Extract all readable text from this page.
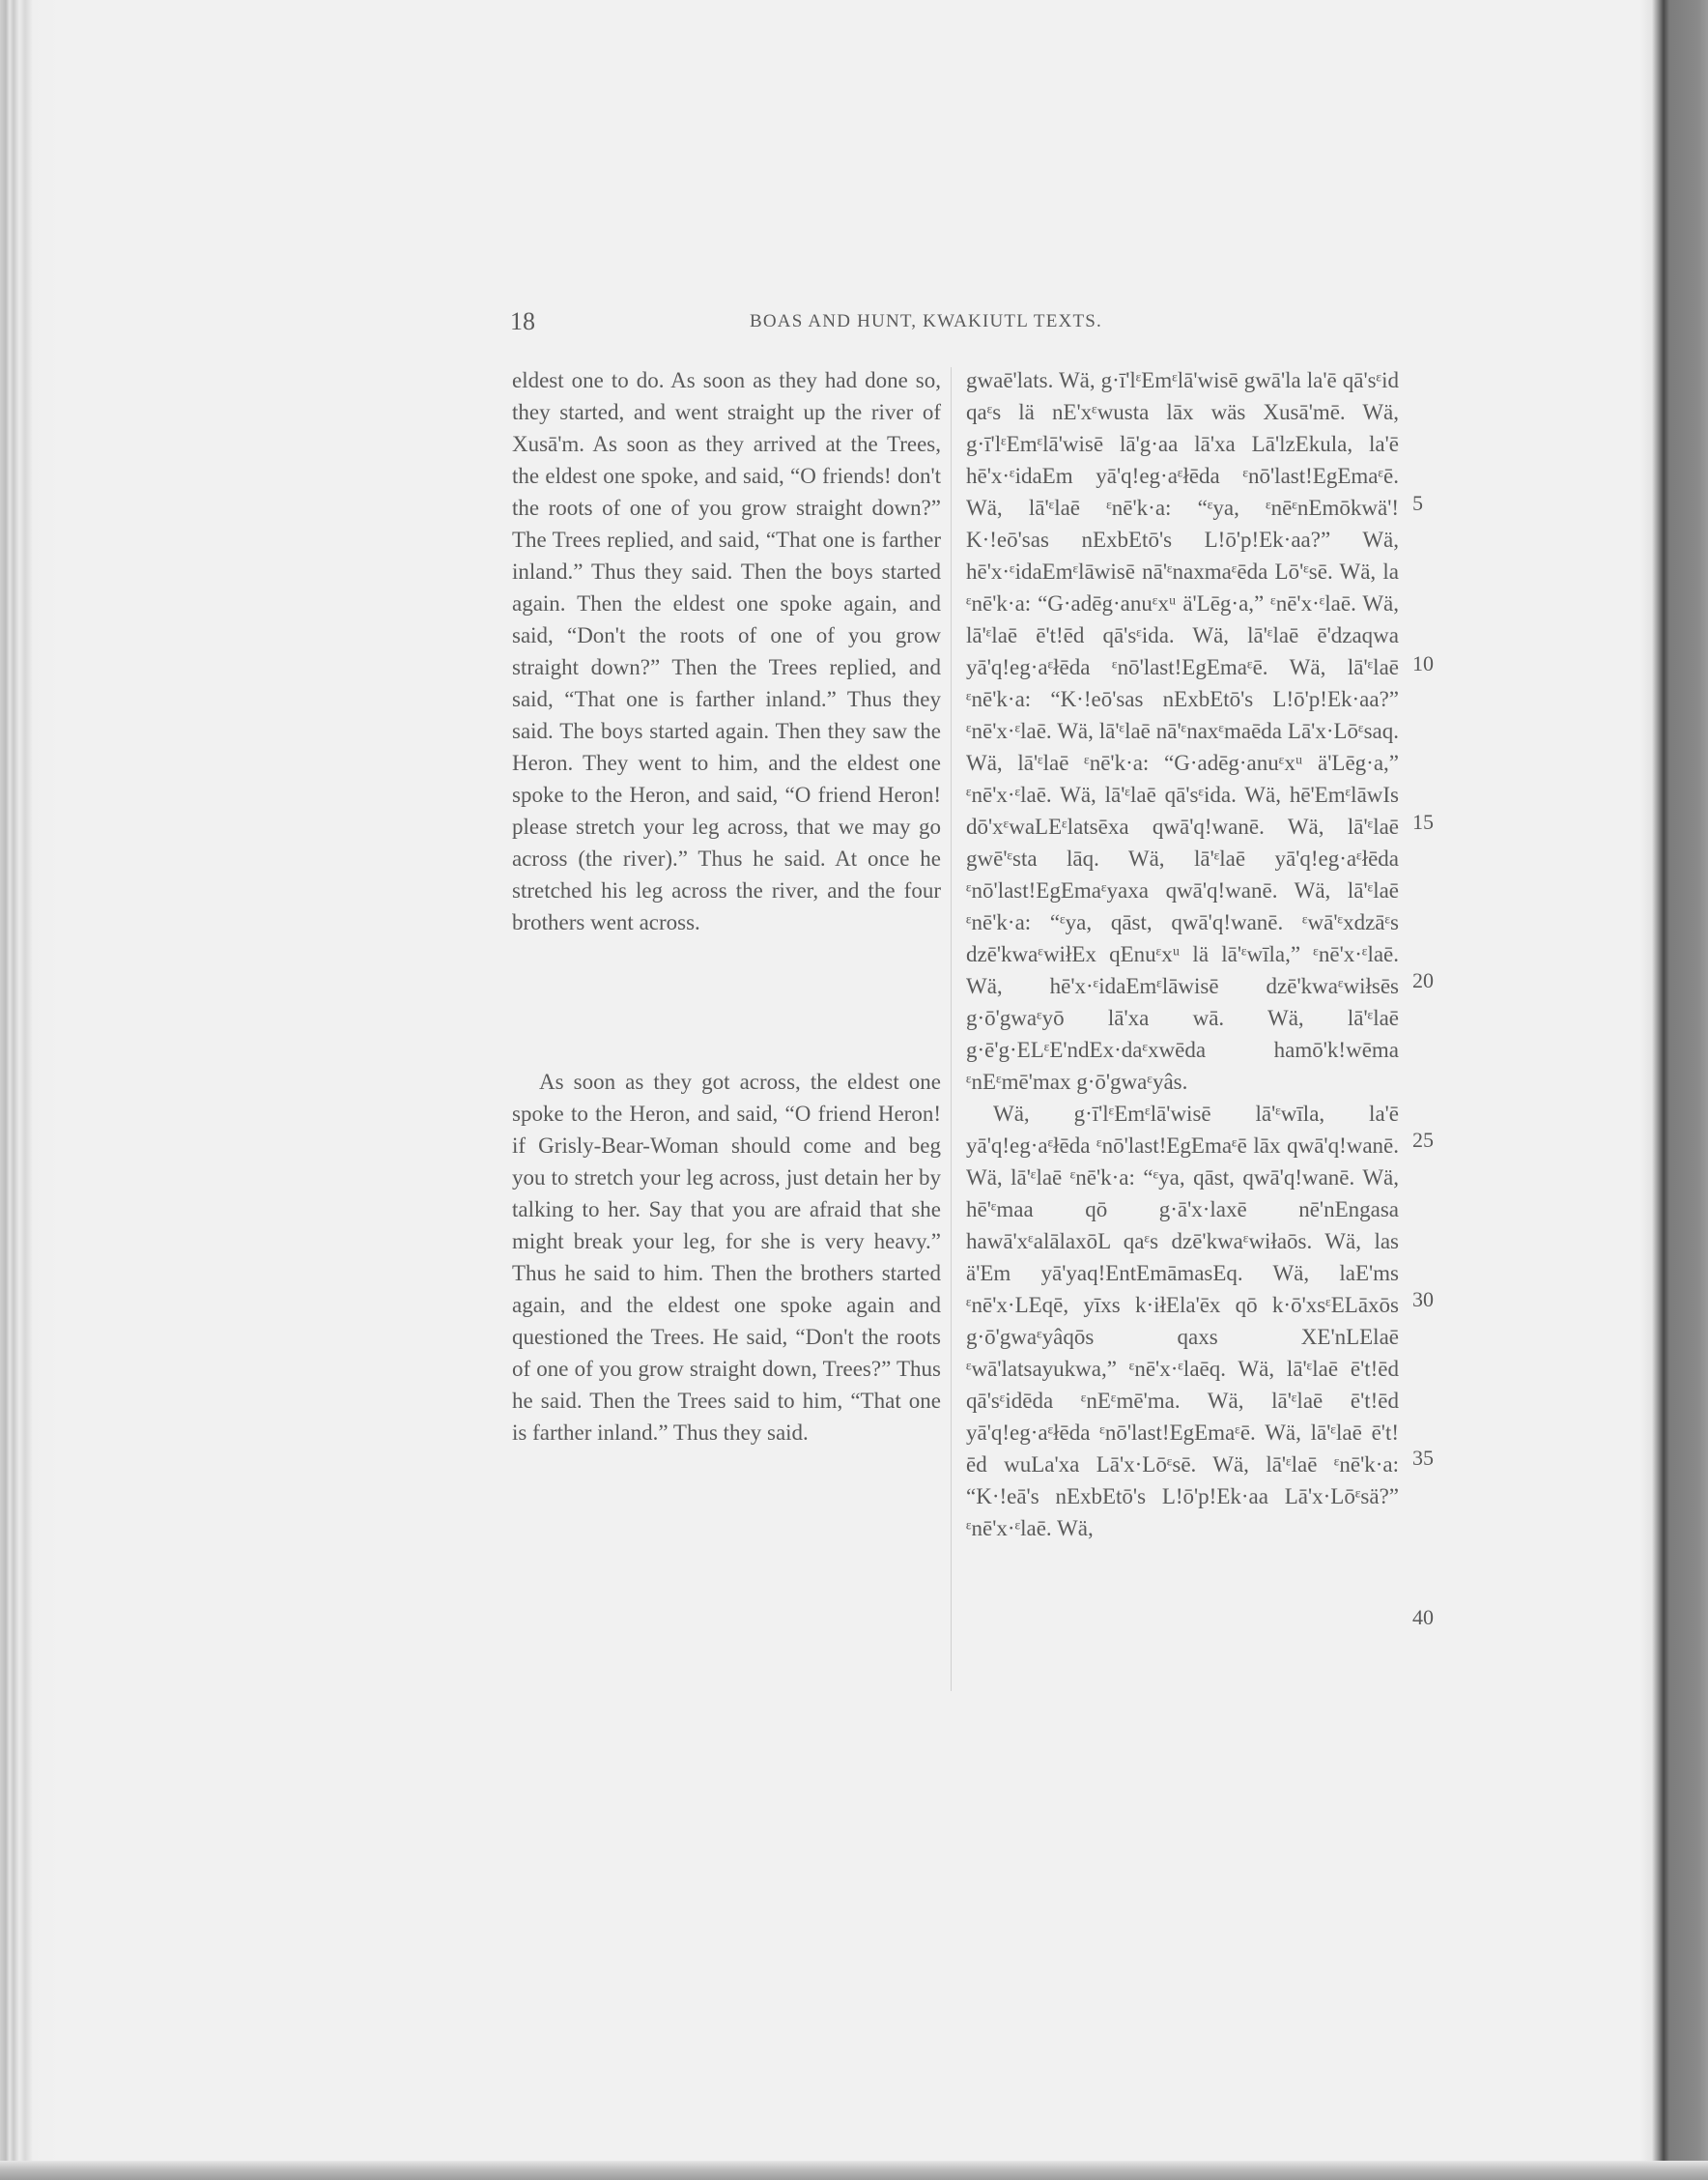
18	BOAS AND HUNT, KWAKIUTL TEXTS.

eldest one to do. As soon as they had done so, they started, and went straight up the river of Xusā'm. As soon as they arrived at the Trees, the eldest one spoke, and said, “O friends! don't the roots of one of you grow straight down?” The Trees replied, and said, “That one is farther inland.” Thus they said. Then the boys started again. Then the eldest one spoke again, and said, “Don't the roots of one of you grow straight down?” Then the Trees replied, and said, “That one is farther inland.” Thus they said. The boys started again. Then they saw the Heron. They went to him, and the eldest one spoke to the Heron, and said, “O friend Heron! please stretch your leg across, that we may go across (the river).” Thus he said. At once he stretched his leg across the river, and the four brothers went across.

As soon as they got across, the eldest one spoke to the Heron, and said, “O friend Heron! if Grisly-Bear-Woman should come and beg you to stretch your leg across, just detain her by talking to her. Say that you are afraid that she might break your leg, for she is very heavy.” Thus he said to him. Then the brothers started again, and the eldest one spoke again and questioned the Trees. He said, “Don't the roots of one of you grow straight down, Trees?” Thus he said. Then the Trees said to him, “That one is farther inland.” Thus they said.

gwaē'lats. Wä, g·ī'lᵋEmᵋlā'wisē gwā'la la'ē qā'sᵋid qaᵋs lä nE'xᵋwusta lāx wäs Xusā'mē. Wä, g·ī'lᵋEmᵋlā'wisē lā'g·aa lā'xa Lā'lzEkula, la'ē hē'x·ᵋidaEm yā'q!eg·aᵋłēda ᵋnō'last!EgEmaᵋē. Wä, lā'ᵋlaē ᵋnē'k·a: “ᵋya, ᵋnēᵋnEmōkwä'! K·!eō'sas nExbEtō's L!ō'p!Ek·aa?” Wä, hē'x·ᵋidaEmᵋlāwisē nā'ᵋnaxmaᵋēda Lō'ᵋsē. Wä, la ᵋnē'k·a: “G·adēg·anuᵋxᵘ ä'Lēg·a,” ᵋnē'x·ᵋlaē. Wä, lā'ᵋlaē ē't!ēd qā'sᵋida. Wä, lā'ᵋlaē ē'dzaqwa yā'q!eg·aᵋłēda ᵋnō'last!EgEmaᵋē. Wä, lā'ᵋlaē ᵋnē'k·a: “K·!eō'sas nExbEtō's L!ō'p!Ek·aa?” ᵋnē'x·ᵋlaē. Wä, lā'ᵋlaē nā'ᵋnaxᵋmaēda Lā'x·Lōᵋsaq. Wä, lā'ᵋlaē ᵋnē'k·a: “G·adēg·anuᵋxᵘ ä'Lēg·a,” ᵋnē'x·ᵋlaē. Wä, lā'ᵋlaē qā'sᵋida. Wä, hē'EmᵋlāwIs dō'xᵋwaLEᵋlatsēxa qwā'q!wanē. Wä, lā'ᵋlaē gwē'ᵋsta lāq. Wä, lā'ᵋlaē yā'q!eg·aᵋłēda ᵋnō'last!EgEmaᵋyaxa qwā'q!wanē. Wä, lā'ᵋlaē ᵋnē'k·a: “ᵋya, qāst, qwā'q!wanē. ᵋwā'ᵋxdzāᵋs dzē'kwaᵋwiłEx qEnuᵋxᵘ lä lā'ᵋwīla,” ᵋnē'x·ᵋlaē. Wä, hē'x·ᵋidaEmᵋlāwisē dzē'kwaᵋwiłsēs g·ō'gwaᵋyō lā'xa wā. Wä, lā'ᵋlaē g·ē'g·ELᵋE'ndEx·daᵋxwēda hamō'k!wēma ᵋnEᵋmē'max g·ō'gwaᵋyâs.

Wä, g·ī'lᵋEmᵋlā'wisē lā'ᵋwīla, la'ē yā'q!eg·aᵋłēda ᵋnō'last!EgEmaᵋē lāx qwā'q!wanē. Wä, lā'ᵋlaē ᵋnē'k·a: “ᵋya, qāst, qwā'q!wanē. Wä, hē'ᵋmaa qō g·ā'x·laxē nē'nEngasa hawā'xᵋalālaxōL qaᵋs dzē'kwaᵋwiłaōs. Wä, las ä'Em yā'yaq!EntEmāmasEq. Wä, laE'ms ᵋnē'x·LEqē, yīxs k·iłEla'ēx qō k·ō'xsᵋELāxōs g·ō'gwaᵋyâqōs qaxs XE'nLElaē ᵋwā'latsayukwa,” ᵋnē'x·ᵋlaēq. Wä, lā'ᵋlaē ē't!ēd qā'sᵋidēda ᵋnEᵋmē'ma. Wä, lā'ᵋlaē ē't!ēd yā'q!eg·aᵋłēda ᵋnō'last!EgEmaᵋē. Wä, lā'ᵋlaē ē't!ēd wuLa'xa Lā'x·Lōᵋsē. Wä, lā'ᵋlaē ᵋnē'k·a: “K·!eā's nExbEtō's L!ō'p!Ek·aa Lā'x·Lōᵋsä?” ᵋnē'x·ᵋlaē. Wä,

5
10
15
20
25
30
35
40
